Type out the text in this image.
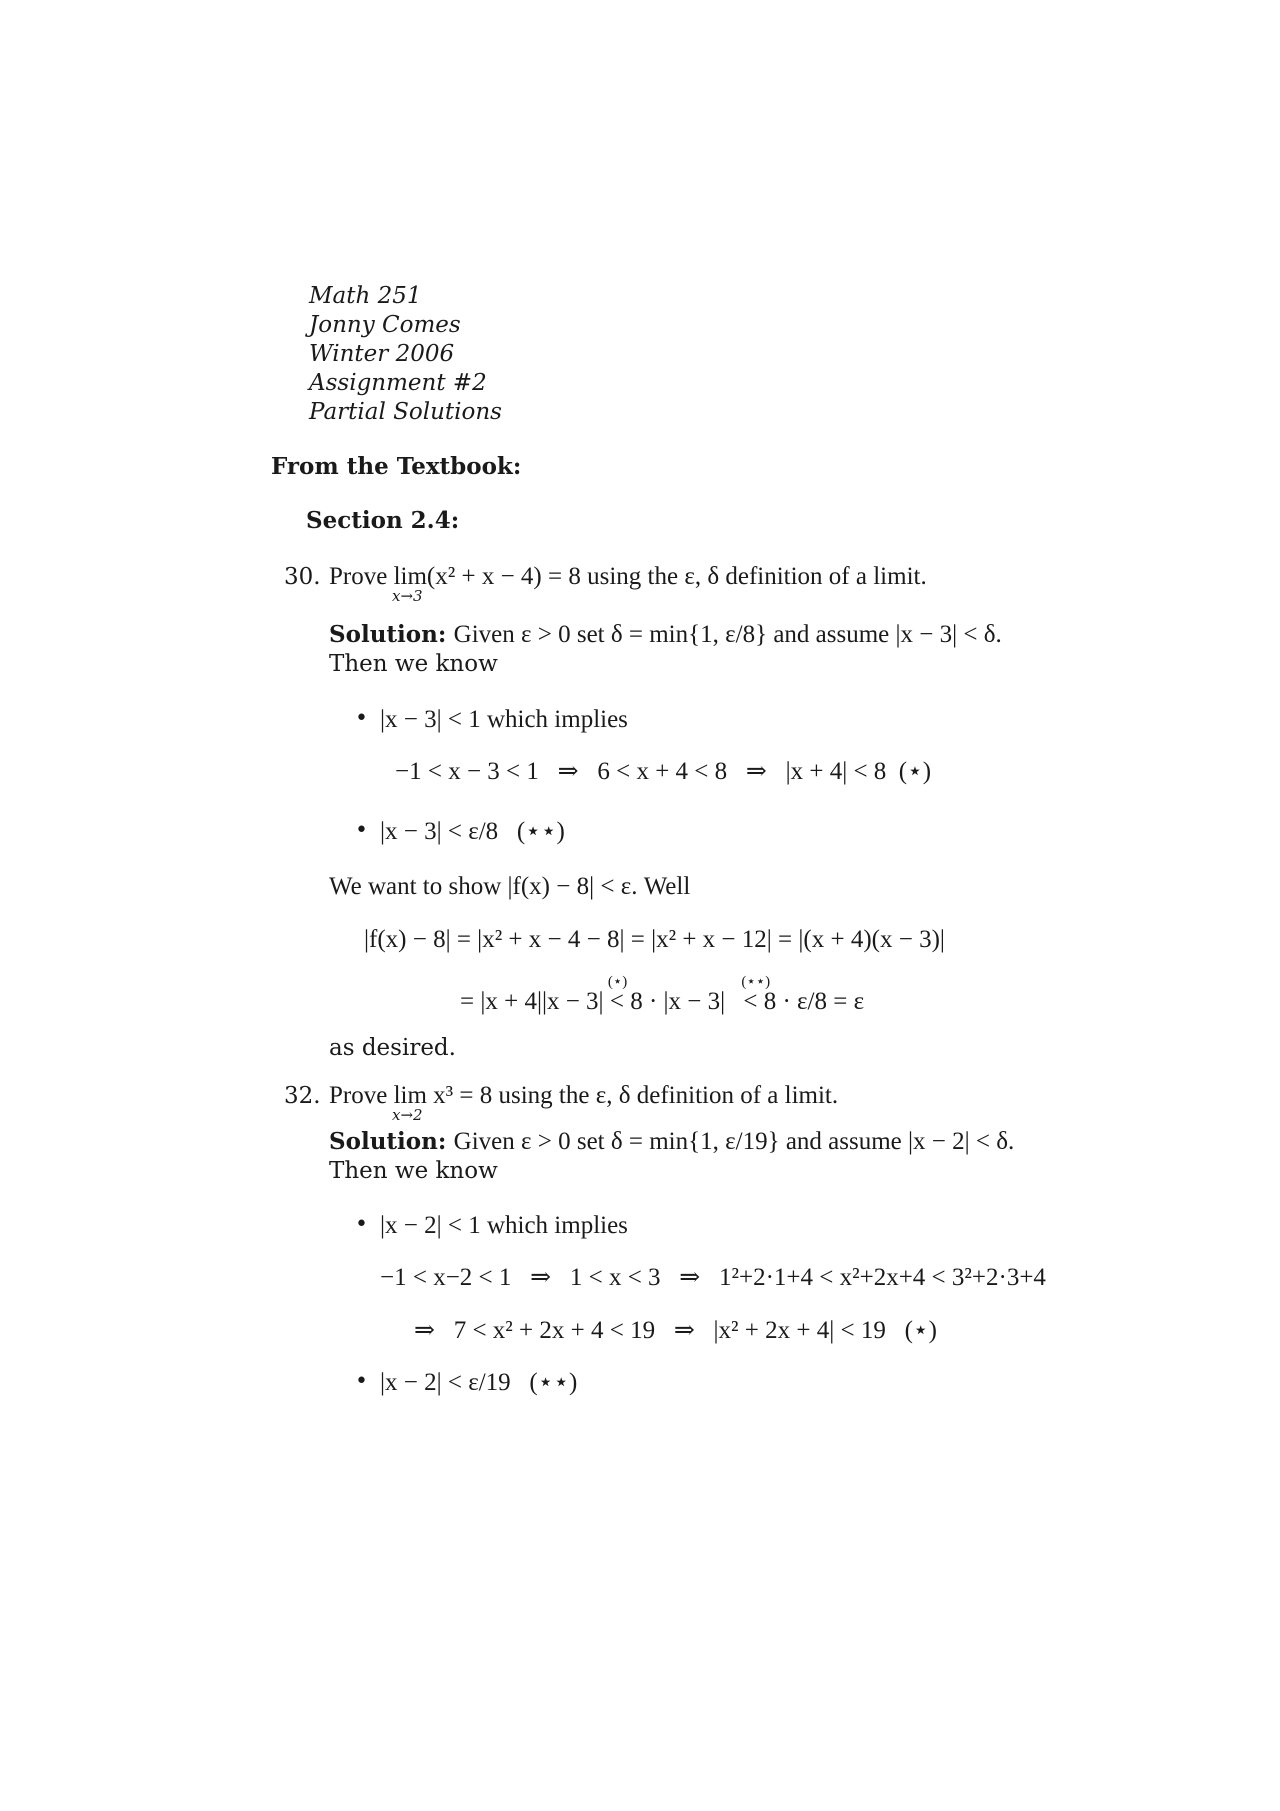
Math 251
Jonny Comes
Winter 2006
Assignment #2
Partial Solutions
From the Textbook:
Section 2.4:
30. Prove lim(x² + x − 4) = 8 using the ε, δ definition of a limit.
x→3
Solution: Given ε > 0 set δ = min{1, ε/8} and assume |x − 3| < δ.
Then we know
• |x − 3| < 1 which implies
−1 < x − 3 < 1   ⇒   6 < x + 4 < 8   ⇒   |x + 4| < 8  (⋆)
• |x − 3| < ε/8   (⋆⋆)
We want to show |f(x) − 8| < ε. Well
|f(x) − 8| = |x² + x − 4 − 8| = |x² + x − 12| = |(x + 4)(x − 3)|
= |x + 4||x − 3|
(⋆)
< 8 · |x − 3|
(⋆⋆)
< 8 · ε/8 = ε
as desired.
32. Prove lim x³ = 8 using the ε, δ definition of a limit.
x→2
Solution: Given ε > 0 set δ = min{1, ε/19} and assume |x − 2| < δ.
Then we know
• |x − 2| < 1 which implies
−1 < x−2 < 1   ⇒   1 < x < 3   ⇒   1²+2·1+4 < x²+2x+4 < 3²+2·3+4
⇒   7 < x² + 2x + 4 < 19   ⇒   |x² + 2x + 4| < 19   (⋆)
• |x − 2| < ε/19   (⋆⋆)
